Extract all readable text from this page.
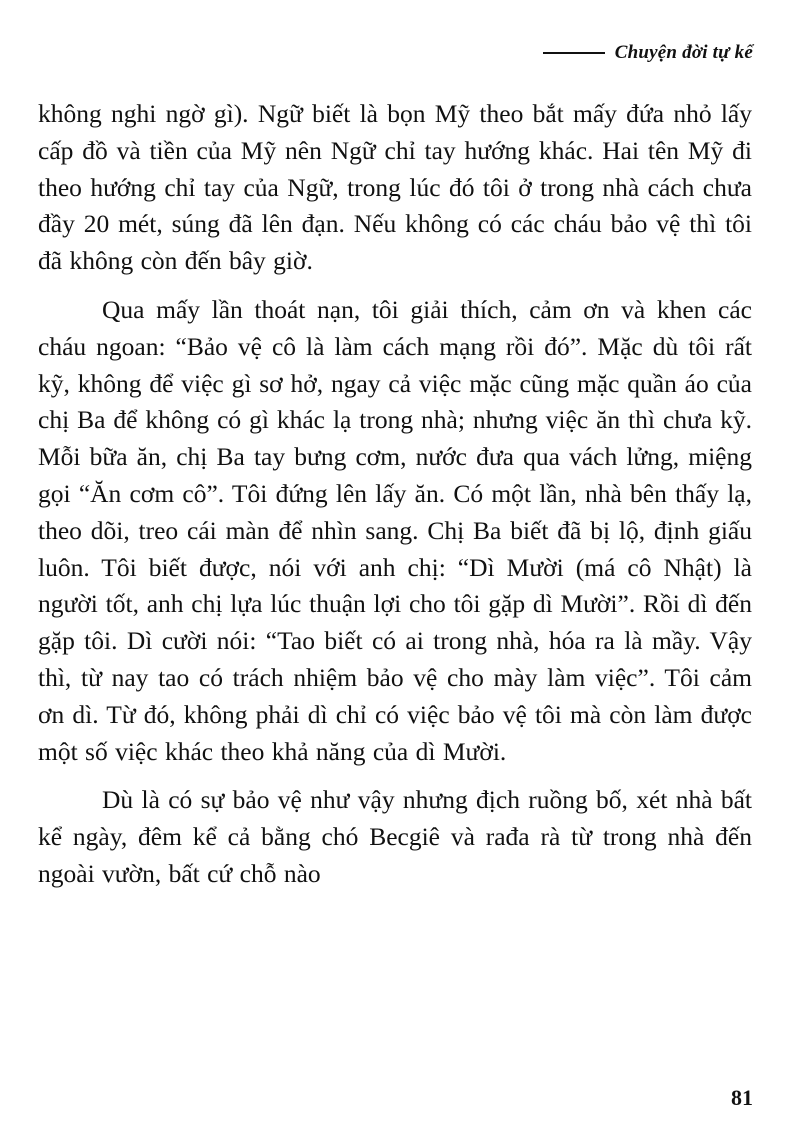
Chuyện đời tự kể

không nghi ngờ gì). Ngữ biết là bọn Mỹ theo bắt mấy đứa nhỏ lấy cấp đồ và tiền của Mỹ nên Ngữ chỉ tay hướng khác. Hai tên Mỹ đi theo hướng chỉ tay của Ngữ, trong lúc đó tôi ở trong nhà cách chưa đầy 20 mét, súng đã lên đạn. Nếu không có các cháu bảo vệ thì tôi đã không còn đến bây giờ.

Qua mấy lần thoát nạn, tôi giải thích, cảm ơn và khen các cháu ngoan: “Bảo vệ cô là làm cách mạng rồi đó”. Mặc dù tôi rất kỹ, không để việc gì sơ hở, ngay cả việc mặc cũng mặc quần áo của chị Ba để không có gì khác lạ trong nhà; nhưng việc ăn thì chưa kỹ. Mỗi bữa ăn, chị Ba tay bưng cơm, nước đưa qua vách lửng, miệng gọi “Ăn cơm cô”. Tôi đứng lên lấy ăn. Có một lần, nhà bên thấy lạ, theo dõi, treo cái màn để nhìn sang. Chị Ba biết đã bị lộ, định giấu luôn. Tôi biết được, nói với anh chị: “Dì Mười (má cô Nhật) là người tốt, anh chị lựa lúc thuận lợi cho tôi gặp dì Mười”. Rồi dì đến gặp tôi. Dì cười nói: “Tao biết có ai trong nhà, hóa ra là mầy. Vậy thì, từ nay tao có trách nhiệm bảo vệ cho mày làm việc”. Tôi cảm ơn dì. Từ đó, không phải dì chỉ có việc bảo vệ tôi mà còn làm được một số việc khác theo khả năng của dì Mười.

Dù là có sự bảo vệ như vậy nhưng địch ruồng bố, xét nhà bất kể ngày, đêm kể cả bằng chó Becgiê và rađa rà từ trong nhà đến ngoài vườn, bất cứ chỗ nào

81
